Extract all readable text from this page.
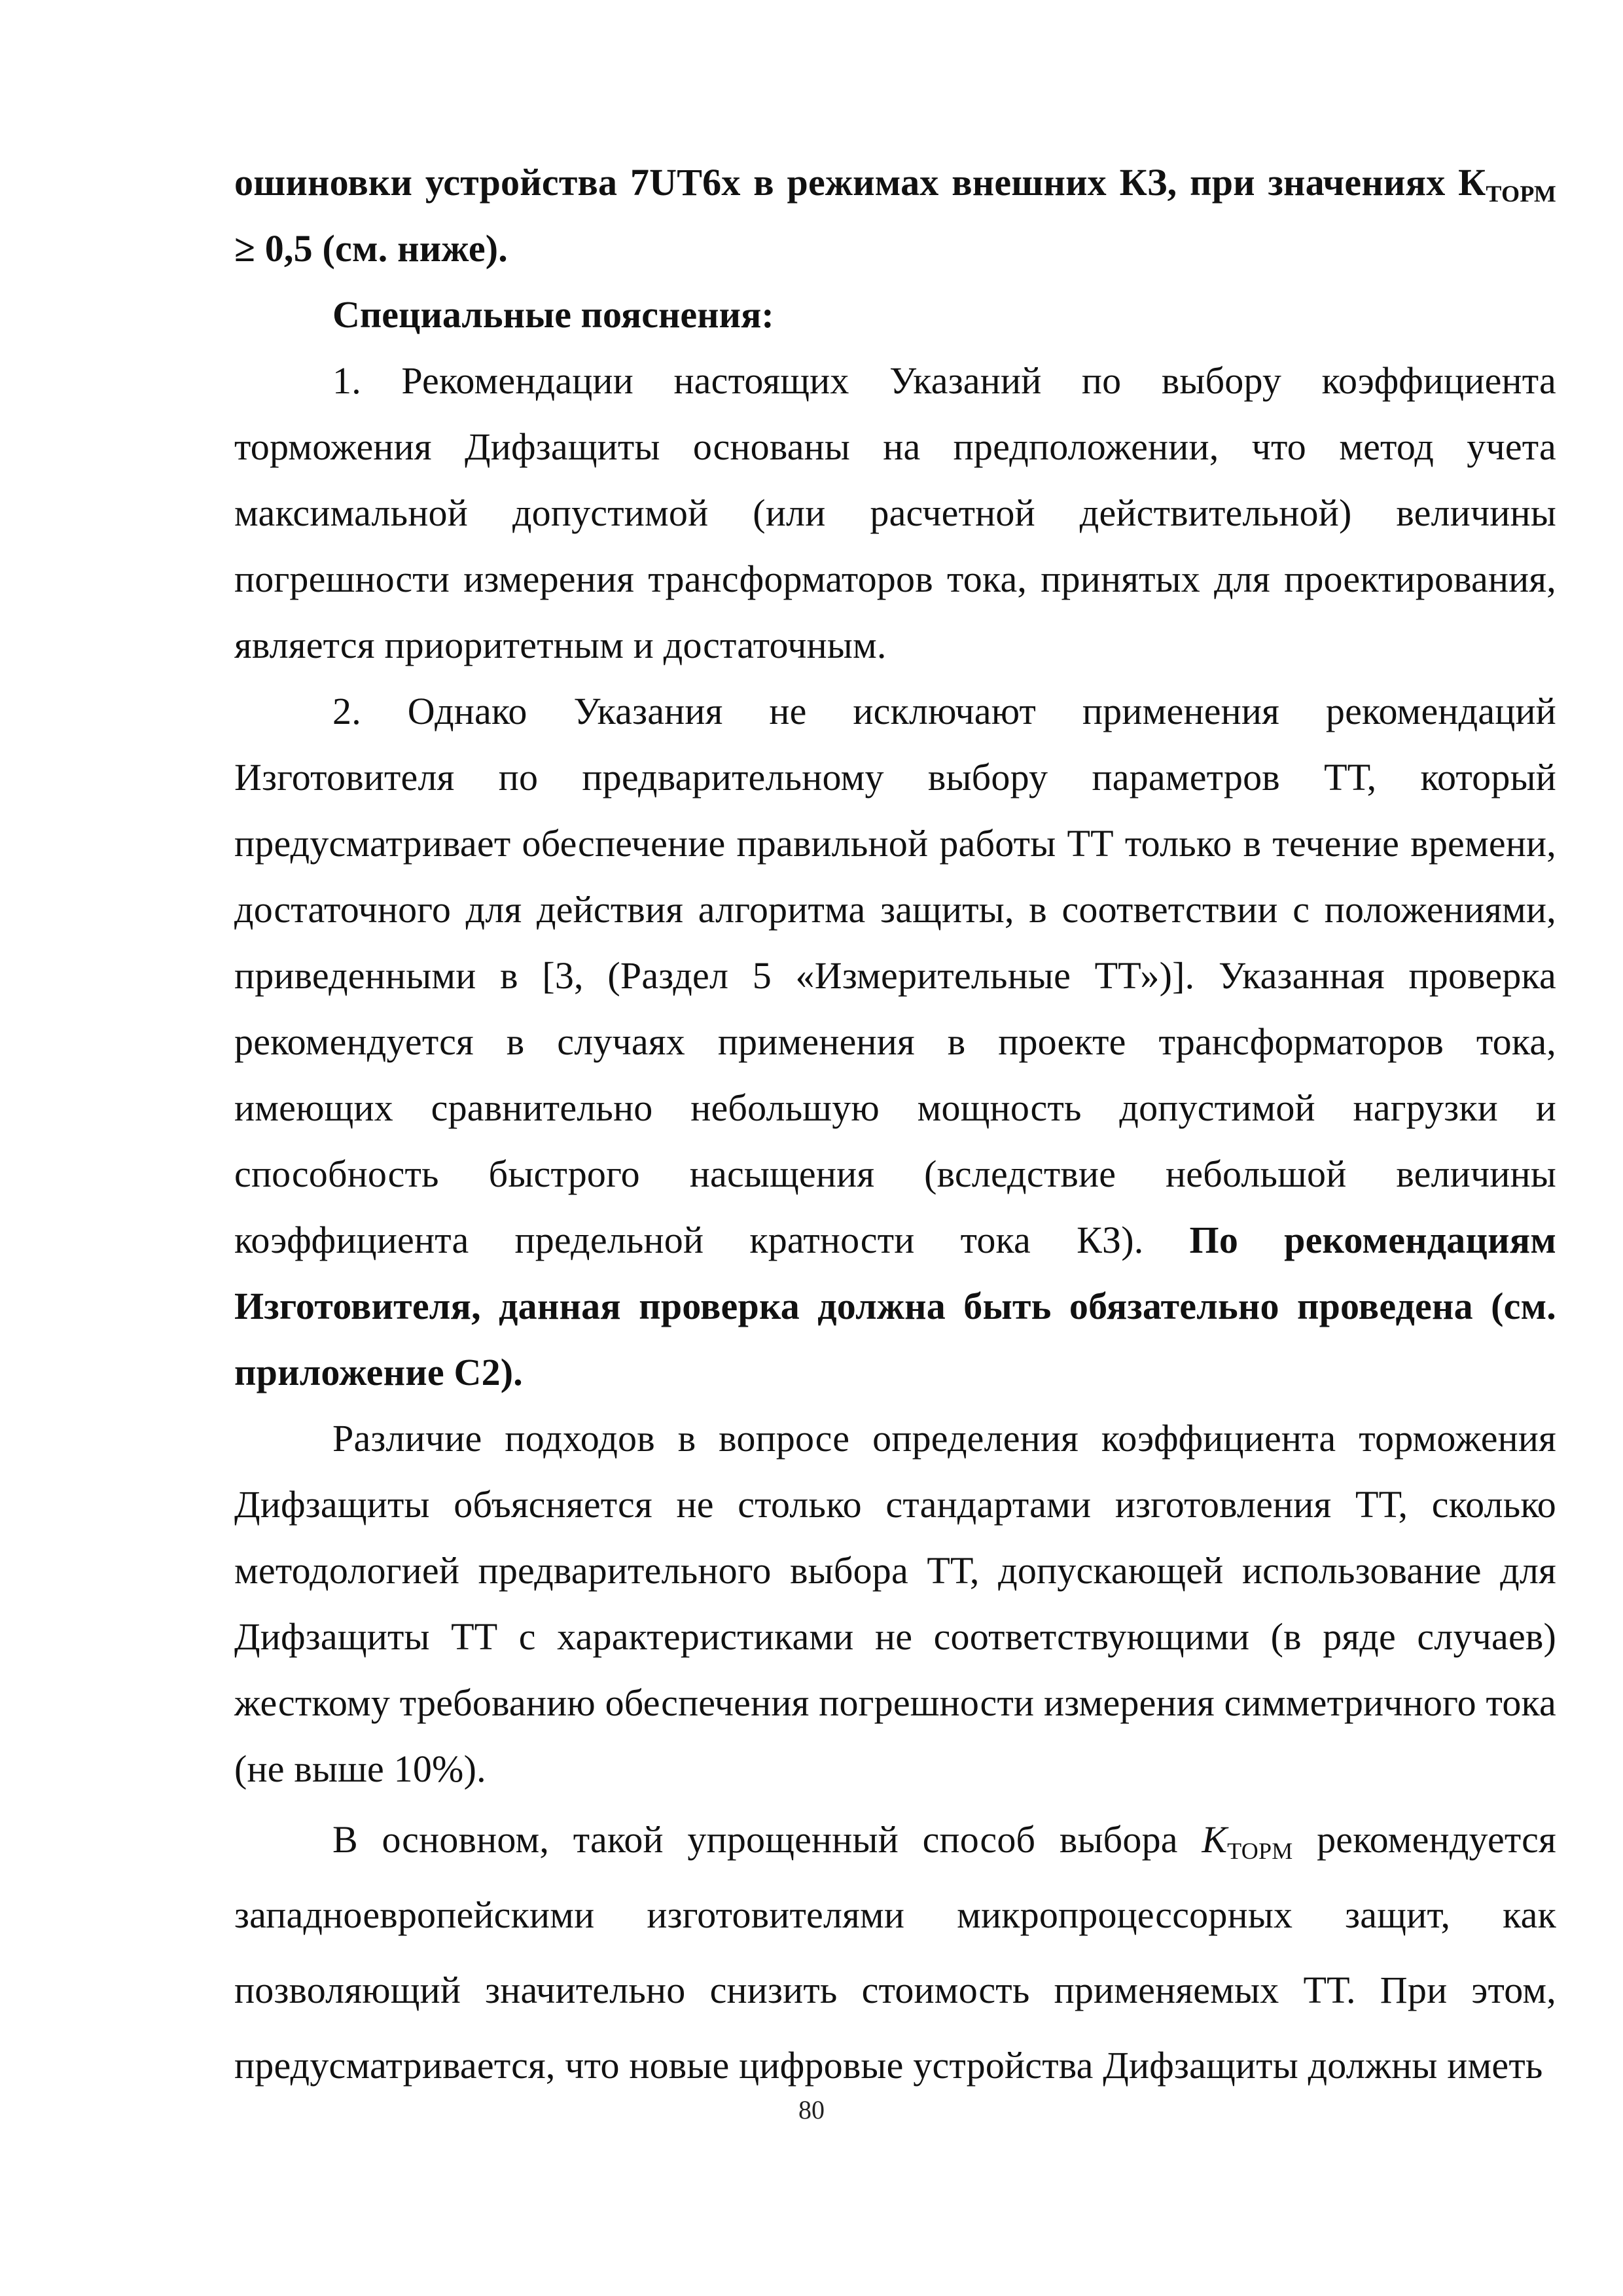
ошиновки устройства 7UT6х в режимах внешних КЗ, при значениях $К_{ТОРМ} \ge 0,5$ (см. ниже).

Специальные пояснения:

1. Рекомендации настоящих Указаний по выбору коэффициента торможения Дифзащиты основаны на предположении, что метод учета максимальной допустимой (или расчетной действительной) величины погрешности измерения трансформаторов тока, принятых для проектирования, является приоритетным и достаточным.

2. Однако Указания не исключают применения рекомендаций Изготовителя по предварительному выбору параметров ТТ, который предусматривает обеспечение правильной работы ТТ только в течение времени, достаточного для действия алгоритма защиты, в соответствии с положениями, приведенными в [3, (Раздел 5 «Измерительные ТТ»)]. Указанная проверка рекомендуется в случаях применения в проекте трансформаторов тока, имеющих сравнительно небольшую мощность допустимой нагрузки и способность быстрого насыщения (вследствие небольшой величины коэффициента предельной кратности тока КЗ). По рекомендациям Изготовителя, данная проверка должна быть обязательно проведена (см. приложение С2).

Различие подходов в вопросе определения коэффициента торможения Дифзащиты объясняется не столько стандартами изготовления ТТ, сколько методологией предварительного выбора ТТ, допускающей использование для Дифзащиты ТТ с характеристиками не соответствующими (в ряде случаев) жесткому требованию обеспечения погрешности измерения симметричного тока (не выше 10%).

В основном, такой упрощенный способ выбора $К_{ТОРМ}$ рекомендуется западноевропейскими изготовителями микропроцессорных защит, как позволяющий значительно снизить стоимость применяемых ТТ. При этом, предусматривается, что новые цифровые устройства Дифзащиты должны иметь

80
